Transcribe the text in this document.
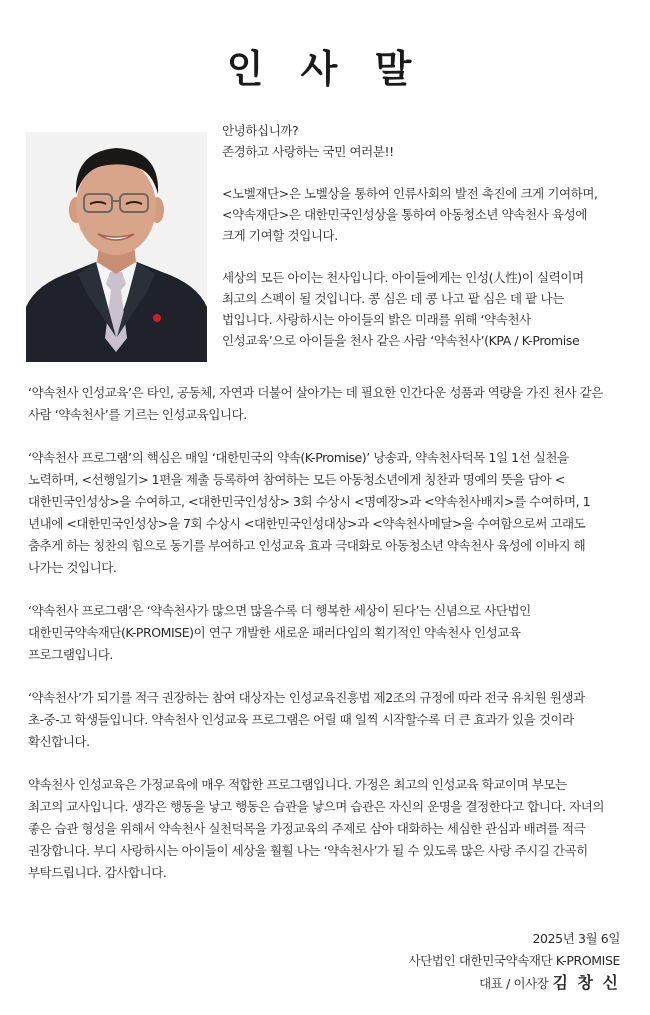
인 사 말

안녕하십니까?
존경하고 사랑하는 국민 여러분!!

<노벨재단>은 노벨상을 통하여 인류사회의 발전 촉진에 크게 기여하며,
<약속재단>은 대한민국인성상을 통하여 아동청소년 약속천사 육성에
크게 기여할 것입니다.

세상의 모든 아이는 천사입니다. 아이들에게는 인성(人性)이 실력이며
최고의 스펙이 될 것입니다. 콩 심은 데 콩 나고 팥 심은 데 팥 나는
법입니다. 사랑하시는 아이들의 밝은 미래를 위해 ‘약속천사
인성교육’으로 아이들을 천사 같은 사람 ‘약속천사’(KPA / K-Promise

‘약속천사 인성교육’은 타인, 공동체, 자연과 더불어 살아가는 데 필요한 인간다운 성품과 역량을 가진 천사 같은
사람 ‘약속천사’를 기르는 인성교육입니다.

‘약속천사 프로그램’의 핵심은 매일 ‘대한민국의 약속(K-Promise)’ 낭송과, 약속천사덕목 1일 1선 실천을
노력하며, <선행일기> 1편을 제출 등록하여 참여하는 모든 아동청소년에게 칭찬과 명예의 뜻을 담아 <
대한민국인성상>을 수여하고, <대한민국인성상> 3회 수상시 <명예장>과 <약속천사배지>를 수여하며, 1
년내에 <대한민국인성상>을 7회 수상시 <대한민국인성대상>과 <약속천사메달>을 수여함으로써 고래도
춤추게 하는 칭찬의 힘으로 동기를 부여하고 인성교육 효과 극대화로 아동청소년 약속천사 육성에 이바지 해
나가는 것입니다.

‘약속천사 프로그램’은 ‘약속천사가 많으면 많을수록 더 행복한 세상이 된다’는 신념으로 사단법인
대한민국약속재단(K-PROMISE)이 연구 개발한 새로운 패러다임의 획기적인 약속천사 인성교육
프로그램입니다.

‘약속천사’가 되기를 적극 권장하는 참여 대상자는 인성교육진흥법 제2조의 규정에 따라 전국 유치원 원생과
초-중-고 학생들입니다. 약속천사 인성교육 프로그램은 어릴 때 일찍 시작할수록 더 큰 효과가 있을 것이라
확신합니다.

약속천사 인성교육은 가정교육에 매우 적합한 프로그램입니다. 가정은 최고의 인성교육 학교이며 부모는
최고의 교사입니다. 생각은 행동을 낳고 행동은 습관을 낳으며 습관은 자신의 운명을 결정한다고 합니다. 자녀의
좋은 습관 형성을 위해서 약속천사 실천덕목을 가정교육의 주제로 삼아 대화하는 세심한 관심과 배려를 적극
권장합니다. 부디 사랑하시는 아이들이 세상을 훨훨 나는 ‘약속천사’가 될 수 있도록 많은 사랑 주시길 간곡히
부탁드립니다. 감사합니다.

2025년 3월 6일
사단법인 대한민국약속재단 K-PROMISE
대표 / 이사장 김 창 신
